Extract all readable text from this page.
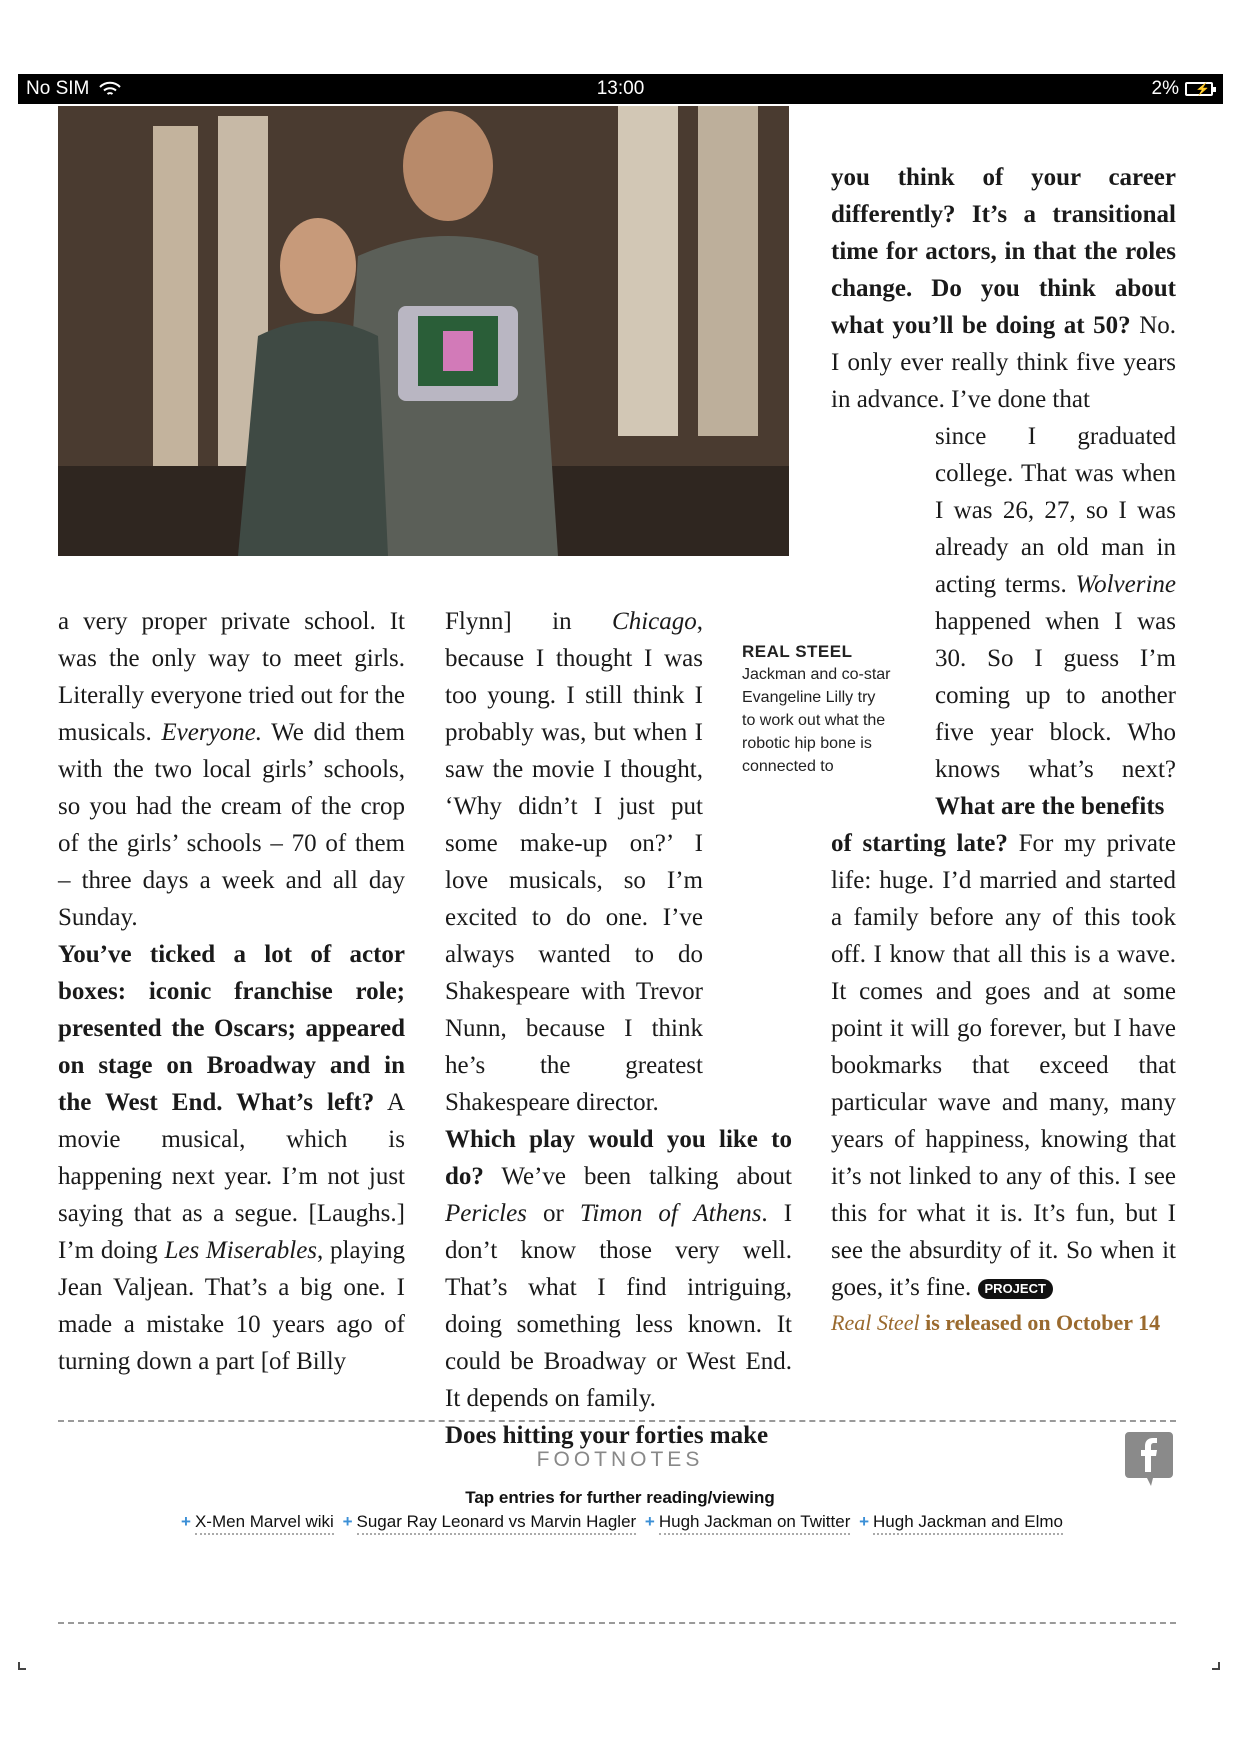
No SIM	13:00	2% ⚡
REAL STEEL
Jackman and co-star Evangeline Lilly try to work out what the robotic hip bone is connected to

a very proper private school. It was the only way to meet girls. Literally everyone tried out for the musicals. Everyone. We did them with the two local girls’ schools, so you had the cream of the crop of the girls’ schools – 70 of them – three days a week and all day Sunday.

You’ve ticked a lot of actor boxes: iconic franchise role; presented the Oscars; appeared on stage on Broadway and in the West End. What’s left? A movie musical, which is happening next year. I’m not just saying that as a segue. [Laughs.] I’m doing Les Miserables, playing Jean Valjean. That’s a big one. I made a mistake 10 years ago of turning down a part [of Billy

Flynn] in Chicago, because I thought I was too young. I still think I probably was, but when I saw the movie I thought, ‘Why didn’t I just put some make-up on?’ I love musicals, so I’m excited to do one. I’ve always wanted to do Shakespeare with Trevor Nunn, because I think he’s the greatest Shakespeare director.

Which play would you like to do? We’ve been talking about Pericles or Timon of Athens. I don’t know those very well. That’s what I find intriguing, doing something less known. It could be Broadway or West End. It depends on family.

Does hitting your forties make

you think of your career differently? It’s a transitional time for actors, in that the roles change. Do you think about what you’ll be doing at 50? No. I only ever really think five years in advance. I’ve done that

since I graduated college. That was when I was 26, 27, so I was already an old man in acting terms. Wolverine happened when I was 30. So I guess I’m coming up to another five year block. Who knows what’s next? What are the benefits

of starting late? For my private life: huge. I’d married and started a family before any of this took off. I know that all this is a wave. It comes and goes and at some point it will go forever, but I have bookmarks that exceed that particular wave and many, many years of happiness, knowing that it’s not linked to any of this. I see this for what it is. It’s fun, but I see the absurdity of it. So when it goes, it’s fine. PROJECT

Real Steel is released on October 14
FOOTNOTES
Tap entries for further reading/viewing
+ X-Men Marvel wiki + Sugar Ray Leonard vs Marvin Hagler + Hugh Jackman on Twitter + Hugh Jackman and Elmo
